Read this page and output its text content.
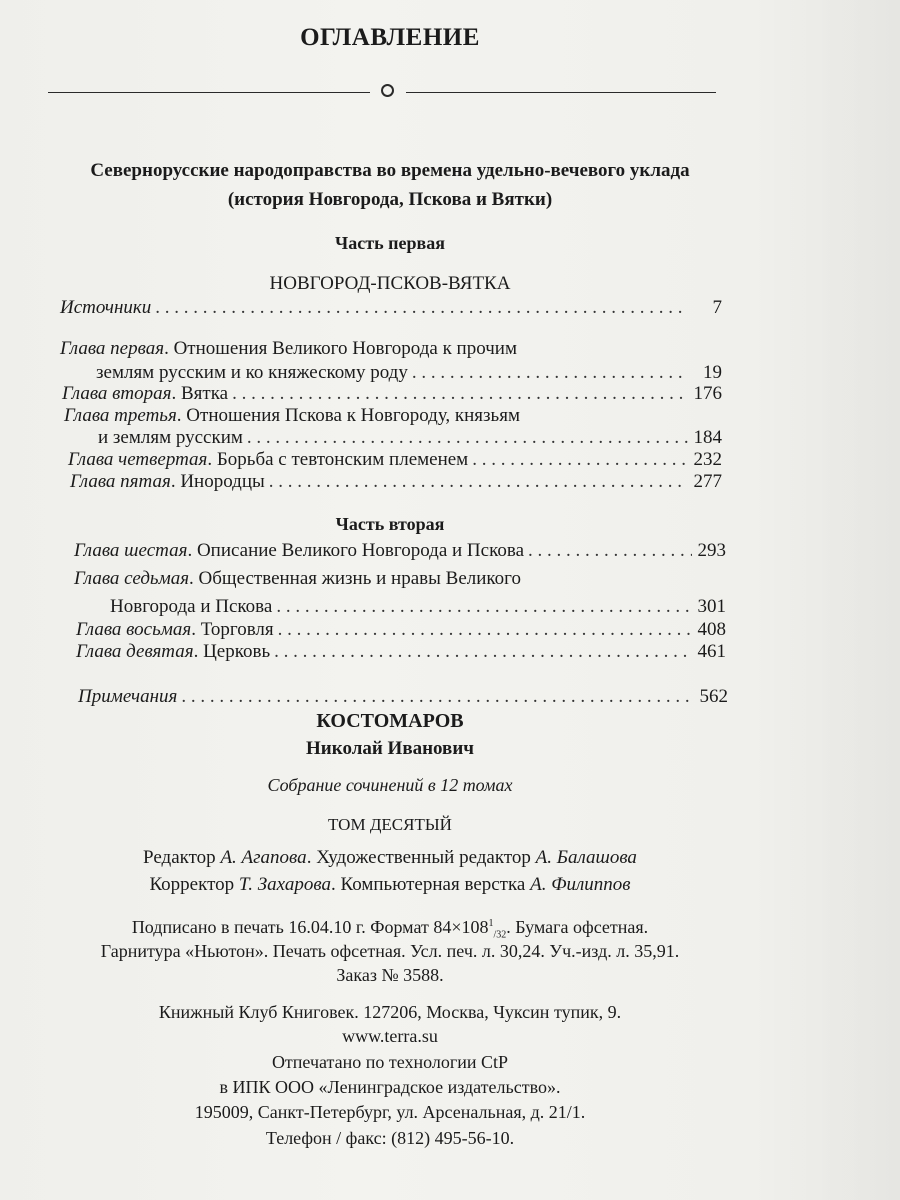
ОГЛАВЛЕНИЕ
Севернорусские народоправства во времена удельно-вечевого уклада
(история Новгорода, Пскова и Вятки)
Часть первая
НОВГОРОД-ПСКОВ-ВЯТКА
Источники . . .	7
Глава первая. Отношения Великого Новгорода к прочим
землям русским и ко княжескому роду . . .	19
Глава вторая. Вятка . . .	176
Глава третья. Отношения Пскова к Новгороду, князьям
и землям русским . . .	184
Глава четвертая. Борьба с тевтонским племенем . . .	232
Глава пятая. Инородцы . . .	277
Часть вторая
Глава шестая. Описание Великого Новгорода и Пскова . . .	293
Глава седьмая. Общественная жизнь и нравы Великого
Новгорода и Пскова . . .	301
Глава восьмая. Торговля . . .	408
Глава девятая. Церковь . . .	461
Примечания . . .	562
КОСТОМАРОВ
Николай Иванович
Собрание сочинений в 12 томах
ТОМ ДЕСЯТЫЙ
Редактор А. Агапова. Художественный редактор А. Балашова
Корректор Т. Захарова. Компьютерная верстка А. Филиппов
Подписано в печать 16.04.10 г. Формат $84\times 108^1_{/32}$. Бумага офсетная.
Гарнитура «Ньютон». Печать офсетная. Усл. печ. л. 30,24. Уч.-изд. л. 35,91.
Заказ № 3588.
Книжный Клуб Книговек. 127206, Москва, Чуксин тупик, 9.
www.terra.su
Отпечатано по технологии CtP
в ИПК ООО «Ленинградское издательство».
195009, Санкт-Петербург, ул. Арсенальная, д. 21/1.
Телефон / факс: (812) 495-56-10.
